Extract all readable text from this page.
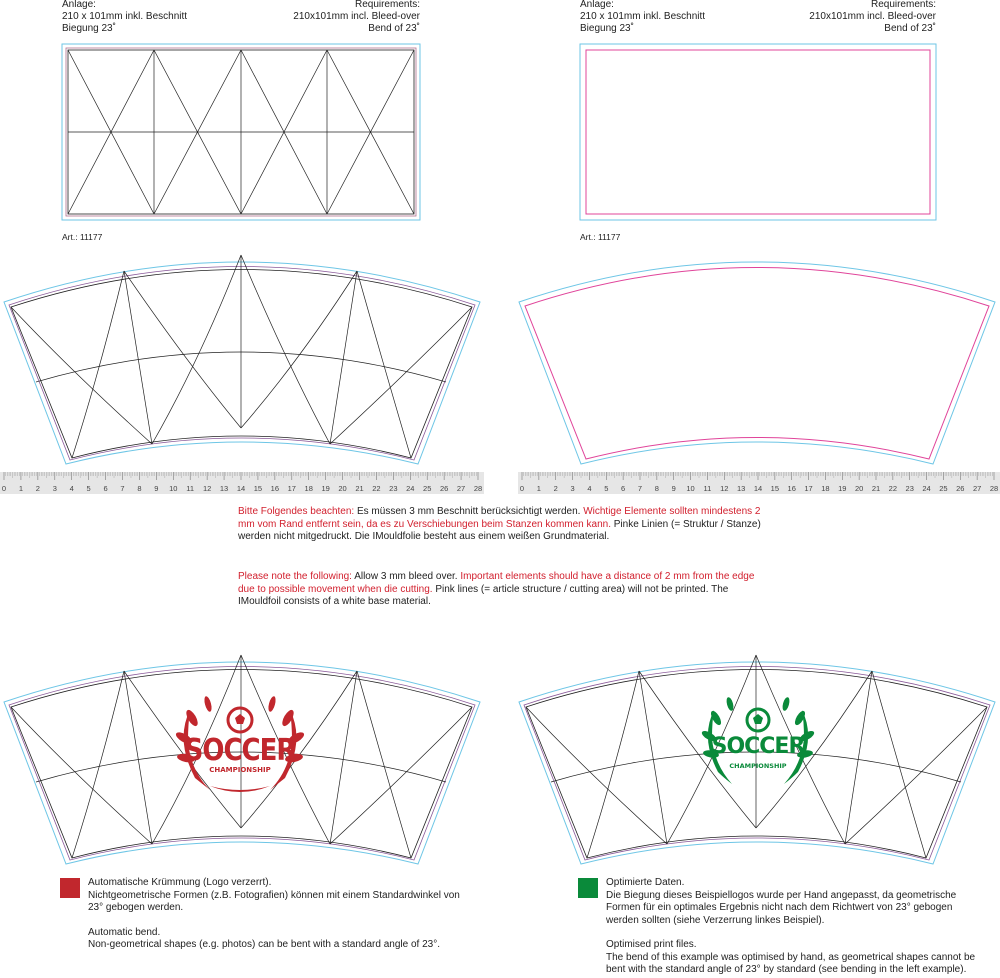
Anlage:
210 x 101mm inkl. Beschnitt
Biegung 23˚
Requirements:
210x101mm incl. Bleed-over
Bend of 23˚
Art.: 11177
Anlage:
210 x 101mm inkl. Beschnitt
Biegung 23˚
Requirements:
210x101mm incl. Bleed-over
Bend of 23˚
Art.: 11177
0	1	2	3	4	5	6	7	8	9	10 11 12 13 14 15 16 17 18 19 20 21 22 23 24 25 26 27 28	0	1	2	3	4	5	6	7	8	9	10 11 12 13 14 15 16 17 18 19 20 21 22 23 24 25 26 27 28
Bitte Folgendes beachten: Es müssen 3 mm Beschnitt berücksichtigt werden. Wichtige Elemente sollten mindestens 2 mm vom Rand entfernt sein, da es zu Verschiebungen beim Stanzen kommen kann. Pinke Linien (= Struktur / Stanze) werden nicht mitgedruckt. Die IMouldfolie besteht aus einem weißen Grundmaterial.
Please note the following: Allow 3 mm bleed over. Important elements should have a distance of 2 mm from the edge due to possible movement when die cutting. Pink lines (= article structure / cutting area) will not be printed. The IMouldfoil consists of a white base material.
SOCCER
CHAMPIONSHIP
SOCCER
CHAMPIONSHIP
Automatische Krümmung (Logo verzerrt).
Nichtgeometrische Formen (z.B. Fotografien) können mit einem Standardwinkel von 23° gebogen werden.
Automatic bend.
Non-geometrical shapes (e.g. photos) can be bent with a standard angle of 23°.
Optimierte Daten.
Die Biegung dieses Beispiellogos wurde per Hand angepasst, da geometrische Formen für ein optimales Ergebnis nicht nach dem Richtwert von 23° gebogen werden sollten (siehe Verzerrung linkes Beispiel).
Optimised print files.
The bend of this example was optimised by hand, as geometrical shapes cannot be bent with the standard angle of 23° by standard (see bending in the left example).
